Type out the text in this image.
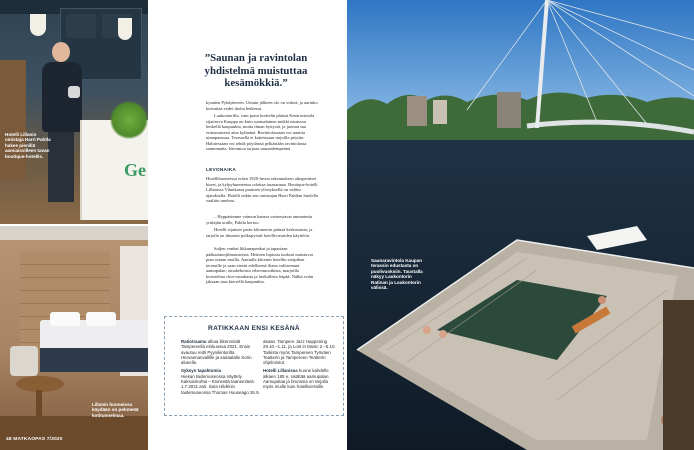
Ge
Hotelli Lillanin omistaja Harri Pahtla hakee pienillä aamiaisvilleen tavan boutique-hotellis.
Lillanin huoneissa käydään on pehmeää kotitunnelmaa.
48 MATKAOPAS 7/2020
”Saunan ja ravintolan yhdistelmä muistuttaa kesämökkiä.”
kymäen Pyhäjärveen. Uinnin jälkeen olo on virkeä, ja aurinko kuivattaa vedet iholta hetkessä.
Laukontorilla, vain parin korttelin päässä Kesäravintola sijaitseva Kauppa on kuin suomalainen mökki nautossa keskellä kaupunkia, mutta ilman hyttysiä, ja juomat saa erinomaisesti aina kylmänä. Ravintolassaan voi nauttia uimapaussaa. Terassella ei kaiteissaan tarjoilla pöytiin. Halutessaan voi tehdä pöydänsä pelkästään ravintolassa saunomatta. Ideointoa tarjoaa saunanlempeänä.
LEVONAIKA
Hotellihuoneessa eräen 1920-luvun rakennuksen aikaperäiset hirret, ja kylpyhuoneessa odottaa tasasaunaa. Boutique-hotelli Lillanissa Vihnikassa puuinen ylöstyksellä on valittu ajatuksella. Hotelli onkin sen omistajan Harri Pahtlan huolella vaalittu unelma.
– Hyppäsimme vaimon kanssa varteestavat ammatesta yrittäjän uralle, Pahtla kertoo.
Hotelli sijaitsee parin kilometrin päässä keskustasta, ja tarjolla on ilmaiset polkupyörät hotellivieraiden käyttöön.
Suljen vanhat likkunapenkat ja tapasiaan pääkartanojilmausteista. Heinien lupissia tuoksut maistuvat pian osiaan muilla. Aamulla kiirenin hotellin sisäpihan terassille ja saan eteeni edellisenä iltana valitsemani aamupalan: omakehoista vihersmoothista, marjoilla koristeltua chia-vanukasta ja herkullista leipää. Nälkä eväät jaksaan taas kierrellä kaupunkia.
RATIKKAAN ENSI KESÄNÄ
Ratiotraamu alkaa liikennöidä Tampereella elokuussa 2021. Ensin avautuu reitti Pyynikintorilta Hervannanvallille ja sairaalalle Sorin alueelle.
Syksyn tapahtumia
Hiekan taidemuseossa näyttely Kaksoiskohta – Esineistä taanemiteiä 1.7.2021 asti. Sara Hildénin taidemuseossa Thomas Houseago 26.9.
akaan. Tampere Jazz Happening 29.10.–1.11. ja Lost in Music 2.–5.10. Tarkista myös Tampereen Työväen Teatterin ja Tampereen Teatterin ohjelmistot.
Hotelli Lillanissa huone kahdelle alkaen 185 e, sisältää aamupalan. Aamupalaa ja brunssia on tarjolla myös muille kuin hotellivieraille.
Saunaravintola Kaupan terassin edustasta on puolivuoksiin. Taustalla näkyy Laukontorin Ratinan ja Laukontorin välissä.
